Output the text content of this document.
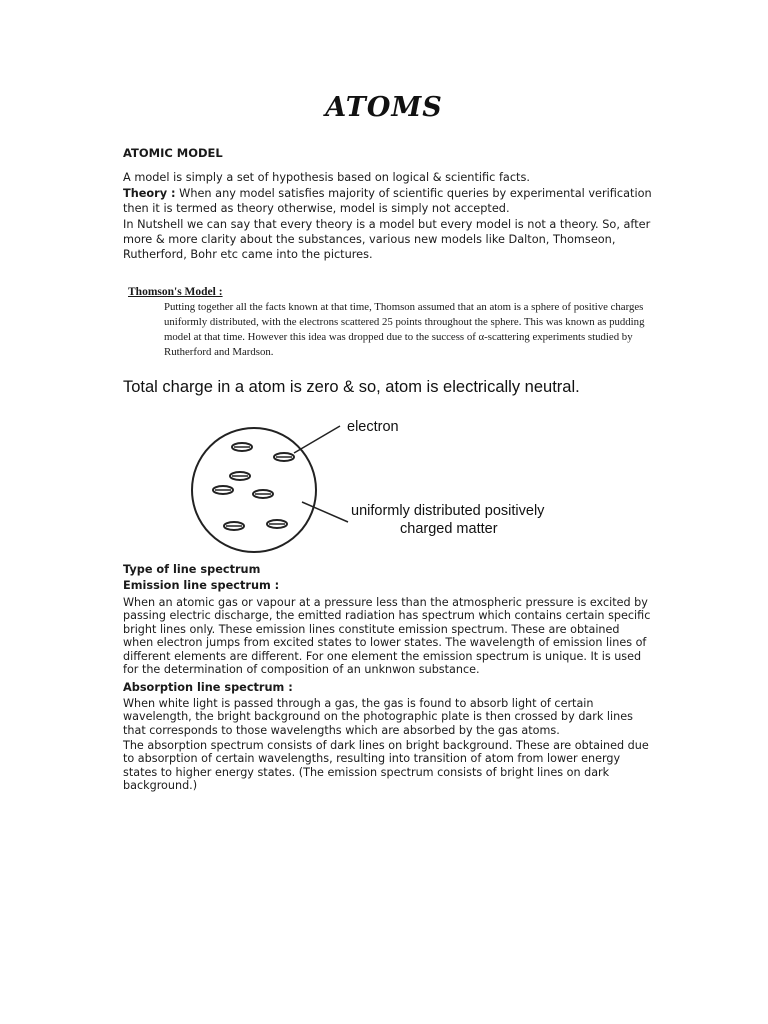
ATOMS

ATOMIC MODEL

A model is simply a set of hypothesis based on logical & scientific facts.

Theory : When any model satisfies majority of scientific queries by experimental verification then it is termed as theory otherwise, model is simply not accepted.

In Nutshell we can say that every theory is a model but every model is not a theory. So, after more & more clarity about the substances, various new models like Dalton, Thomseon, Rutherford, Bohr etc came into the pictures.

Thomson's Model :

Putting together all the facts known at that time, Thomson assumed that an atom is a sphere of positive charges uniformly distributed, with the electrons scattered 25 points throughout the sphere. This was known as pudding model at that time. However this idea was dropped due to the success of α-scattering experiments studied by Rutherford and Mardson.

Total charge in a atom is zero & so, atom is electrically neutral.

electron
uniformly distributed positively
charged matter

Type of line spectrum

Emission line spectrum :

When an atomic gas or vapour at a pressure less than the atmospheric pressure is excited by passing electric discharge, the emitted radiation has spectrum which contains certain specific bright lines only. These emission lines constitute emission spectrum. These are obtained when electron jumps from excited states to lower states. The wavelength of emission lines of different elements are different. For one element the emission spectrum is unique. It is used for the determination of composition of an unknwon substance.

Absorption line spectrum :

When white light is passed through a gas, the gas is found to absorb light of certain wavelength, the bright background on the photographic plate is then crossed by dark lines that corresponds to those wavelengths which are absorbed by the gas atoms.

The absorption spectrum consists of dark lines on bright background. These are obtained due to absorption of certain wavelengths, resulting into transition of atom from lower energy states to higher energy states. (The emission spectrum consists of bright lines on dark background.)
